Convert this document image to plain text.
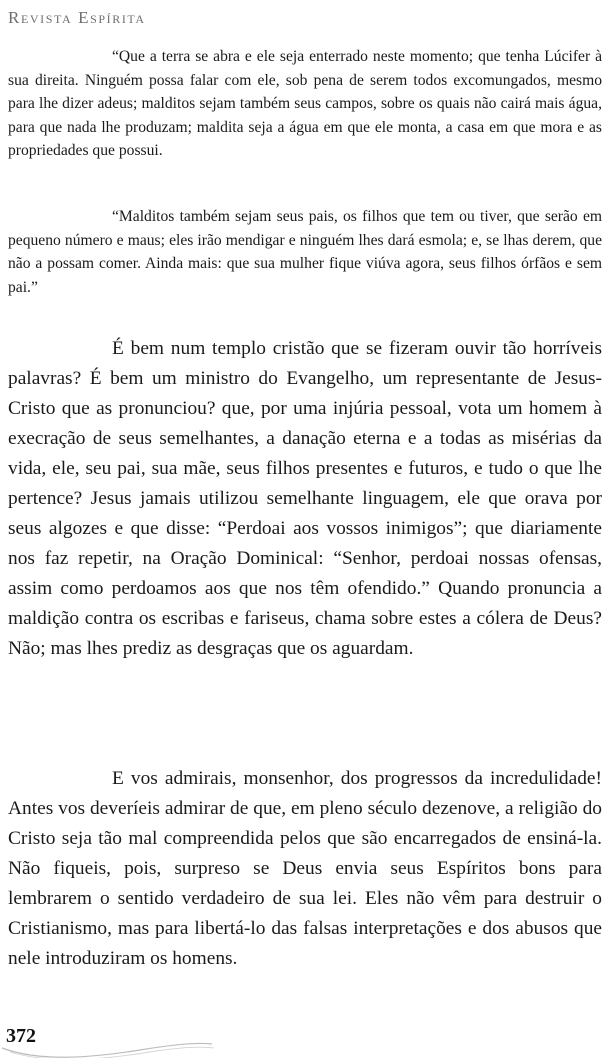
Revista Espírita

“Que a terra se abra e ele seja enterrado neste momento; que tenha Lúcifer à sua direita. Ninguém possa falar com ele, sob pena de serem todos excomungados, mesmo para lhe dizer adeus; malditos sejam também seus campos, sobre os quais não cairá mais água, para que nada lhe produzam; maldita seja a água em que ele monta, a casa em que mora e as propriedades que possui.

“Malditos também sejam seus pais, os filhos que tem ou tiver, que serão em pequeno número e maus; eles irão mendigar e ninguém lhes dará esmola; e, se lhas derem, que não a possam comer. Ainda mais: que sua mulher fique viúva agora, seus filhos órfãos e sem pai.”

É bem num templo cristão que se fizeram ouvir tão horríveis palavras? É bem um ministro do Evangelho, um representante de Jesus-Cristo que as pronunciou? que, por uma injúria pessoal, vota um homem à execração de seus semelhantes, a danação eterna e a todas as misérias da vida, ele, seu pai, sua mãe, seus filhos presentes e futuros, e tudo o que lhe pertence? Jesus jamais utilizou semelhante linguagem, ele que orava por seus algozes e que disse: “Perdoai aos vossos inimigos”; que diariamente nos faz repetir, na Oração Dominical: “Senhor, perdoai nossas ofensas, assim como perdoamos aos que nos têm ofendido.” Quando pronuncia a maldição contra os escribas e fariseus, chama sobre estes a cólera de Deus? Não; mas lhes prediz as desgraças que os aguardam.

E vos admirais, monsenhor, dos progressos da incredulidade! Antes vos deveríeis admirar de que, em pleno século dezenove, a religião do Cristo seja tão mal compreendida pelos que são encarregados de ensiná-la. Não fiqueis, pois, surpreso se Deus envia seus Espíritos bons para lembrarem o sentido verdadeiro de sua lei. Eles não vêm para destruir o Cristianismo, mas para libertá-lo das falsas interpretações e dos abusos que nele introduziram os homens.

372
